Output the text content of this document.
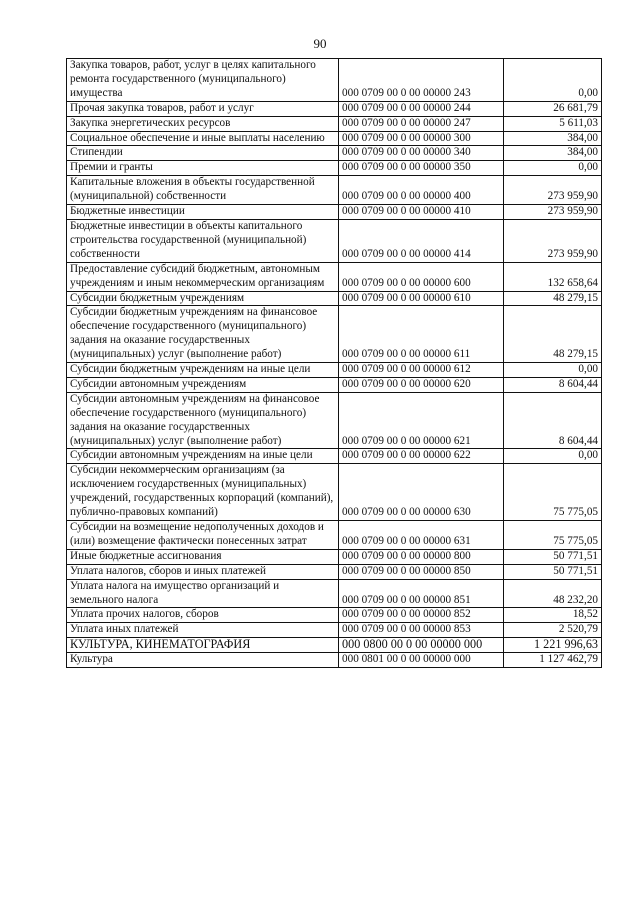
90
Закупка товаров, работ, услуг в целях капитального ремонта государственного (муниципального) имущества	000 0709 00 0 00 00000 243	0,00
Прочая закупка товаров, работ и услуг	000 0709 00 0 00 00000 244	26 681,79
Закупка энергетических ресурсов	000 0709 00 0 00 00000 247	5 611,03
Социальное обеспечение и иные выплаты населению	000 0709 00 0 00 00000 300	384,00
Стипендии	000 0709 00 0 00 00000 340	384,00
Премии и гранты	000 0709 00 0 00 00000 350	0,00
Капитальные вложения в объекты государственной (муниципальной) собственности	000 0709 00 0 00 00000 400	273 959,90
Бюджетные инвестиции	000 0709 00 0 00 00000 410	273 959,90
Бюджетные инвестиции в объекты капитального строительства государственной (муниципальной) собственности	000 0709 00 0 00 00000 414	273 959,90
Предоставление субсидий бюджетным, автономным учреждениям и иным некоммерческим организациям	000 0709 00 0 00 00000 600	132 658,64
Субсидии бюджетным учреждениям	000 0709 00 0 00 00000 610	48 279,15
Субсидии бюджетным учреждениям на финансовое обеспечение государственного (муниципального) задания на оказание государственных (муниципальных) услуг (выполнение работ)	000 0709 00 0 00 00000 611	48 279,15
Субсидии бюджетным учреждениям на иные цели	000 0709 00 0 00 00000 612	0,00
Субсидии автономным учреждениям	000 0709 00 0 00 00000 620	8 604,44
Субсидии автономным учреждениям на финансовое обеспечение государственного (муниципального) задания на оказание государственных (муниципальных) услуг (выполнение работ)	000 0709 00 0 00 00000 621	8 604,44
Субсидии автономным учреждениям на иные цели	000 0709 00 0 00 00000 622	0,00
Субсидии некоммерческим организациям (за исключением государственных (муниципальных) учреждений, государственных корпораций (компаний), публично-правовых компаний)	000 0709 00 0 00 00000 630	75 775,05
Субсидии на возмещение недополученных доходов и (или) возмещение фактически понесенных затрат	000 0709 00 0 00 00000 631	75 775,05
Иные бюджетные ассигнования	000 0709 00 0 00 00000 800	50 771,51
Уплата налогов, сборов и иных платежей	000 0709 00 0 00 00000 850	50 771,51
Уплата налога на имущество организаций и земельного налога	000 0709 00 0 00 00000 851	48 232,20
Уплата прочих налогов, сборов	000 0709 00 0 00 00000 852	18,52
Уплата иных платежей	000 0709 00 0 00 00000 853	2 520,79
КУЛЬТУРА, КИНЕМАТОГРАФИЯ	000 0800 00 0 00 00000 000	1 221 996,63
Культура	000 0801 00 0 00 00000 000	1 127 462,79
